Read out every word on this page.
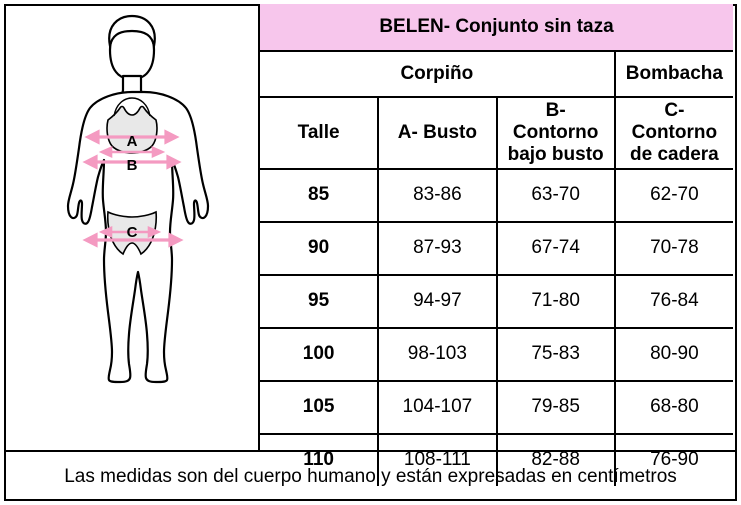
A
B
C
BELEN- Conjunto sin taza			
Corpiño			Bombacha
Talle	A- Busto	B- Contorno bajo busto	C- Contorno de cadera
85	83-86	63-70	62-70
90	87-93	67-74	70-78
95	94-97	71-80	76-84
100	98-103	75-83	80-90
105	104-107	79-85	68-80
110	108-111	82-88	76-90
Las medidas son del cuerpo humano y están expresadas en centímetros
